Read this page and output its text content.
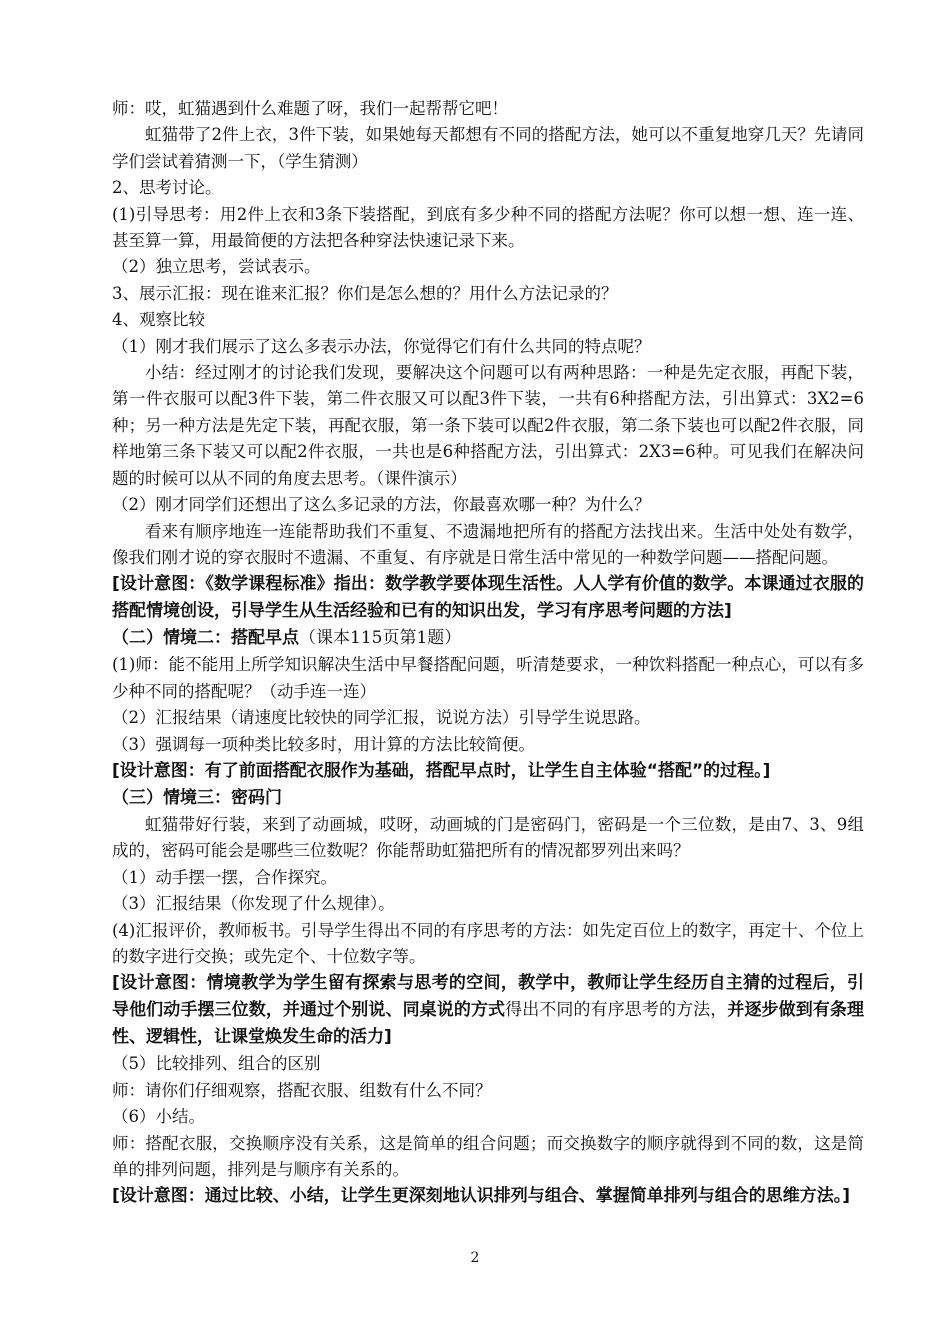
师：哎，虹猫遇到什么难题了呀，我们一起帮帮它吧！

虹猫带了2件上衣，3件下装，如果她每天都想有不同的搭配方法，她可以不重复地穿几天？先请同学们尝试着猜测一下，（学生猜测）

2、思考讨论。

(1)引导思考：用2件上衣和3条下装搭配，到底有多少种不同的搭配方法呢？你可以想一想、连一连、甚至算一算，用最简便的方法把各种穿法快速记录下来。

（2）独立思考，尝试表示。

3、展示汇报：现在谁来汇报？你们是怎么想的？用什么方法记录的？

4、观察比较

（1）刚才我们展示了这么多表示办法，你觉得它们有什么共同的特点呢？

小结：经过刚才的讨论我们发现，要解决这个问题可以有两种思路：一种是先定衣服，再配下装，第一件衣服可以配3件下装，第二件衣服又可以配3件下装，一共有6种搭配方法，引出算式：3X2=6种；另一种方法是先定下装，再配衣服，第一条下装可以配2件衣服，第二条下装也可以配2件衣服，同样地第三条下装又可以配2件衣服，一共也是6种搭配方法，引出算式：2X3=6种。可见我们在解决问题的时候可以从不同的角度去思考。（课件演示）

（2）刚才同学们还想出了这么多记录的方法，你最喜欢哪一种？为什么？

看来有顺序地连一连能帮助我们不重复、不遗漏地把所有的搭配方法找出来。生活中处处有数学，像我们刚才说的穿衣服时不遗漏、不重复、有序就是日常生活中常见的一种数学问题——搭配问题。

[设计意图：《数学课程标准》指出：数学教学要体现生活性。人人学有价值的数学。本课通过衣服的搭配情境创设，引导学生从生活经验和已有的知识出发，学习有序思考问题的方法]

（二）情境二：搭配早点（课本115页第1题）

(1)师：能不能用上所学知识解决生活中早餐搭配问题，听清楚要求，一种饮料搭配一种点心，可以有多少种不同的搭配呢？（动手连一连）

（2）汇报结果（请速度比较快的同学汇报，说说方法）引导学生说思路。

（3）强调每一项种类比较多时，用计算的方法比较简便。

[设计意图：有了前面搭配衣服作为基础，搭配早点时，让学生自主体验“搭配”的过程。]

（三）情境三：密码门

虹猫带好行装，来到了动画城，哎呀，动画城的门是密码门，密码是一个三位数，是由7、3、9组成的，密码可能会是哪些三位数呢？你能帮助虹猫把所有的情况都罗列出来吗？

（1）动手摆一摆，合作探究。

（3）汇报结果（你发现了什么规律）。

(4)汇报评价，教师板书。引导学生得出不同的有序思考的方法：如先定百位上的数字，再定十、个位上的数字进行交换；或先定个、十位数字等。

[设计意图：情境教学为学生留有探索与思考的空间，教学中，教师让学生经历自主猜的过程后，引导他们动手摆三位数，并通过个别说、同桌说的方式得出不同的有序思考的方法，并逐步做到有条理性、逻辑性，让课堂焕发生命的活力]

（5）比较排列、组合的区别

师：请你们仔细观察，搭配衣服、组数有什么不同？

（6）小结。

师：搭配衣服，交换顺序没有关系，这是简单的组合问题；而交换数字的顺序就得到不同的数，这是简单的排列问题，排列是与顺序有关系的。

[设计意图：通过比较、小结，让学生更深刻地认识排列与组合、掌握简单排列与组合的思维方法。]

2
